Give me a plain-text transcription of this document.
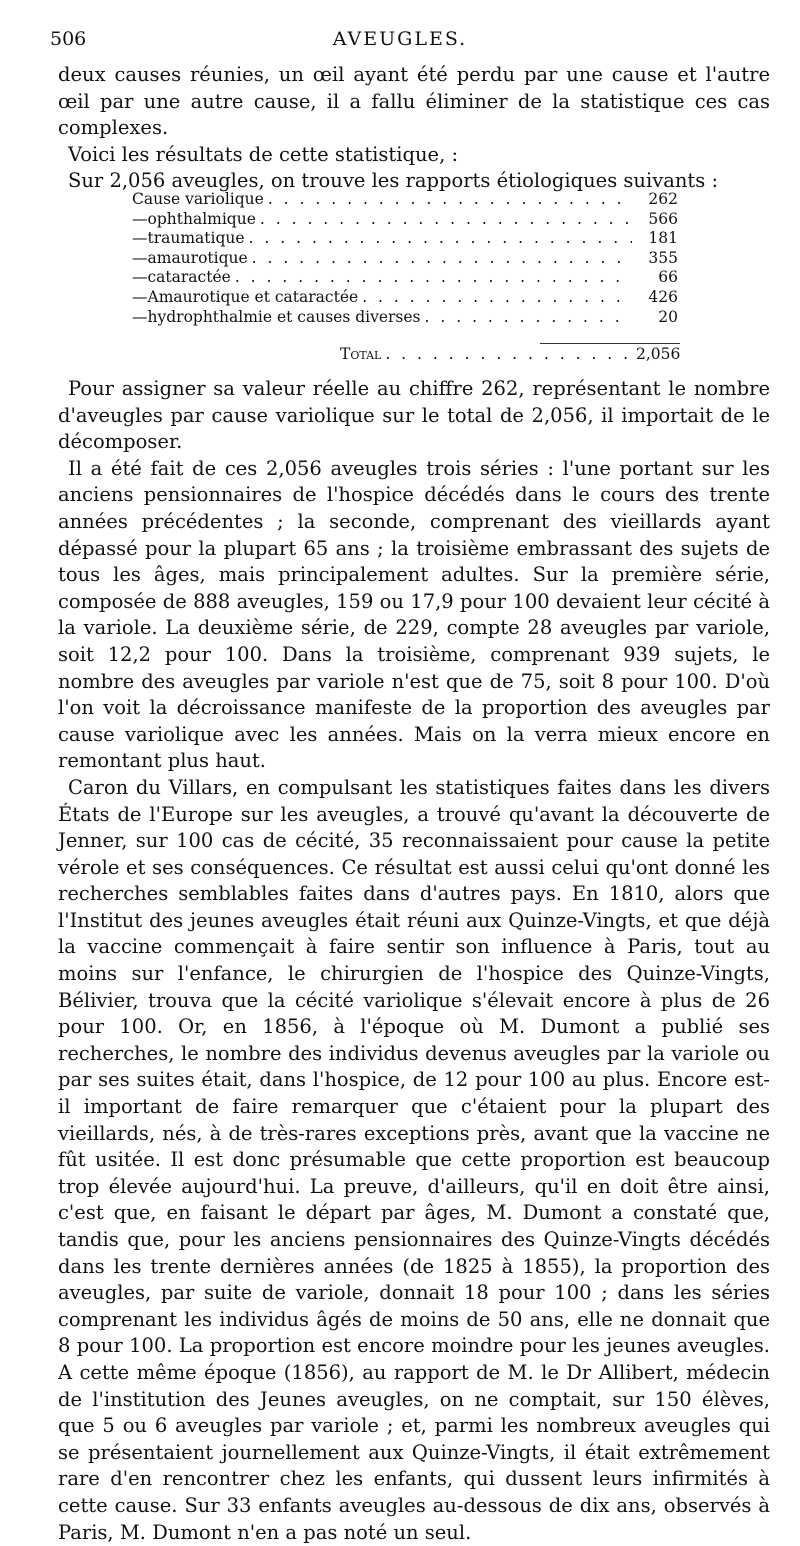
506	AVEUGLES.

deux causes réunies, un œil ayant été perdu par une cause et l'autre œil par une autre cause, il a fallu éliminer de la statistique ces cas complexes.

Voici les résultats de cette statistique, :

Sur 2,056 aveugles, on trouve les rapports étiologiques suivants :

Cause variolique . . .	262
— ophthalmique . . .	566
— traumatique . . .	181
— amaurotique . . .	355
— cataractée . . .	66
— Amaurotique et cataractée . . .	426
— hydrophthalmie et causes diverses . . .	20
Total . . .	2,056

Pour assigner sa valeur réelle au chiffre 262, représentant le nombre d'aveugles par cause variolique sur le total de 2,056, il importait de le décomposer.

Il a été fait de ces 2,056 aveugles trois séries : l'une portant sur les anciens pensionnaires de l'hospice décédés dans le cours des trente années précédentes ; la seconde, comprenant des vieillards ayant dépassé pour la plupart 65 ans ; la troisième embrassant des sujets de tous les âges, mais principalement adultes. Sur la première série, composée de 888 aveugles, 159 ou 17,9 pour 100 devaient leur cécité à la variole. La deuxième série, de 229, compte 28 aveugles par variole, soit 12,2 pour 100. Dans la troisième, comprenant 939 sujets, le nombre des aveugles par variole n'est que de 75, soit 8 pour 100. D'où l'on voit la décroissance manifeste de la proportion des aveugles par cause variolique avec les années. Mais on la verra mieux encore en remontant plus haut.

Caron du Villars, en compulsant les statistiques faites dans les divers États de l'Europe sur les aveugles, a trouvé qu'avant la découverte de Jenner, sur 100 cas de cécité, 35 reconnaissaient pour cause la petite vérole et ses conséquences. Ce résultat est aussi celui qu'ont donné les recherches semblables faites dans d'autres pays. En 1810, alors que l'Institut des jeunes aveugles était réuni aux Quinze-Vingts, et que déjà la vaccine commençait à faire sentir son influence à Paris, tout au moins sur l'enfance, le chirurgien de l'hospice des Quinze-Vingts, Bélivier, trouva que la cécité variolique s'élevait encore à plus de 26 pour 100. Or, en 1856, à l'époque où M. Dumont a publié ses recherches, le nombre des individus devenus aveugles par la variole ou par ses suites était, dans l'hospice, de 12 pour 100 au plus. Encore est-il important de faire remarquer que c'étaient pour la plupart des vieillards, nés, à de très-rares exceptions près, avant que la vaccine ne fût usitée. Il est donc présumable que cette proportion est beaucoup trop élevée aujourd'hui. La preuve, d'ailleurs, qu'il en doit être ainsi, c'est que, en faisant le départ par âges, M. Dumont a constaté que, tandis que, pour les anciens pensionnaires des Quinze-Vingts décédés dans les trente dernières années (de 1825 à 1855), la proportion des aveugles, par suite de variole, donnait 18 pour 100 ; dans les séries comprenant les individus âgés de moins de 50 ans, elle ne donnait que 8 pour 100. La proportion est encore moindre pour les jeunes aveugles. A cette même époque (1856), au rapport de M. le Dr Allibert, médecin de l'institution des Jeunes aveugles, on ne comptait, sur 150 élèves, que 5 ou 6 aveugles par variole ; et, parmi les nombreux aveugles qui se présentaient journellement aux Quinze-Vingts, il était extrêmement rare d'en rencontrer chez les enfants, qui dussent leurs infirmités à cette cause. Sur 33 enfants aveugles au-dessous de dix ans, observés à Paris, M. Dumont n'en a pas noté un seul.
